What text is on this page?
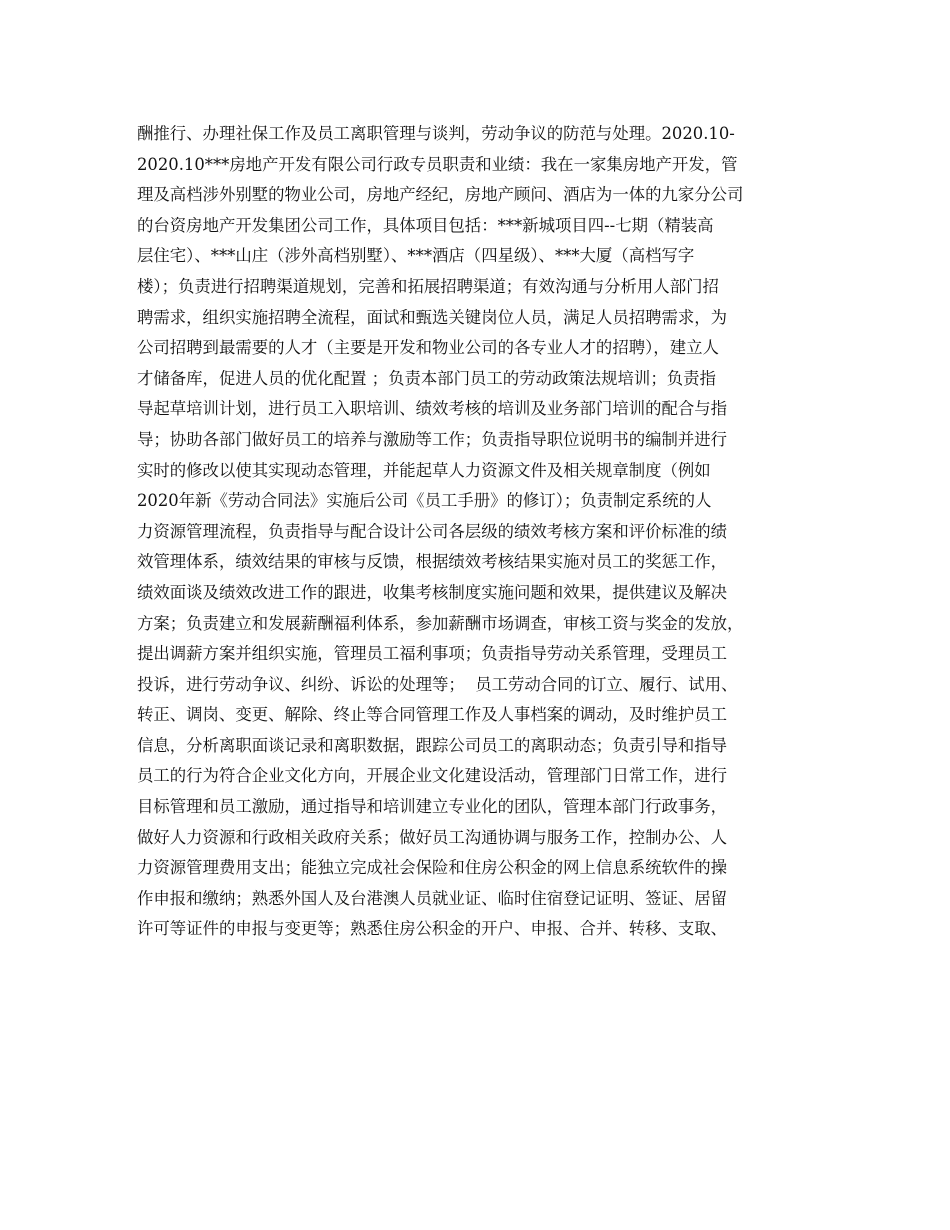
酬推行、办理社保工作及员工离职管理与谈判，劳动争议的防范与处理。2020.10-
2020.10***房地产开发有限公司行政专员职责和业绩：我在一家集房地产开发，管
理及高档涉外别墅的物业公司，房地产经纪，房地产顾问、酒店为一体的九家分公司
的台资房地产开发集团公司工作，具体项目包括：***新城项目四--七期（精装高
层住宅）、***山庄（涉外高档别墅）、***酒店（四星级）、***大厦（高档写字
楼）；负责进行招聘渠道规划，完善和拓展招聘渠道；有效沟通与分析用人部门招
聘需求，组织实施招聘全流程，面试和甄选关键岗位人员，满足人员招聘需求，为
公司招聘到最需要的人才（主要是开发和物业公司的各专业人才的招聘），建立人
才储备库，促进人员的优化配置 ；负责本部门员工的劳动政策法规培训；负责指
导起草培训计划，进行员工入职培训、绩效考核的培训及业务部门培训的配合与指
导；协助各部门做好员工的培养与激励等工作；负责指导职位说明书的编制并进行
实时的修改以使其实现动态管理，并能起草人力资源文件及相关规章制度（例如
2020年新《劳动合同法》实施后公司《员工手册》的修订）；负责制定系统的人
力资源管理流程，负责指导与配合设计公司各层级的绩效考核方案和评价标准的绩
效管理体系，绩效结果的审核与反馈，根据绩效考核结果实施对员工的奖惩工作，
绩效面谈及绩效改进工作的跟进，收集考核制度实施问题和效果，提供建议及解决
方案；负责建立和发展薪酬福利体系，参加薪酬市场调查，审核工资与奖金的发放，
提出调薪方案并组织实施，管理员工福利事项；负责指导劳动关系管理，受理员工
投诉，进行劳动争议、纠纷、诉讼的处理等；  员工劳动合同的订立、履行、试用、
转正、调岗、变更、解除、终止等合同管理工作及人事档案的调动，及时维护员工
信息，分析离职面谈记录和离职数据，跟踪公司员工的离职动态；负责引导和指导
员工的行为符合企业文化方向，开展企业文化建设活动，管理部门日常工作，进行
目标管理和员工激励，通过指导和培训建立专业化的团队，管理本部门行政事务，
做好人力资源和行政相关政府关系；做好员工沟通协调与服务工作，控制办公、人
力资源管理费用支出；能独立完成社会保险和住房公积金的网上信息系统软件的操
作申报和缴纳；熟悉外国人及台港澳人员就业证、临时住宿登记证明、签证、居留
许可等证件的申报与变更等；熟悉住房公积金的开户、申报、合并、转移、支取、
